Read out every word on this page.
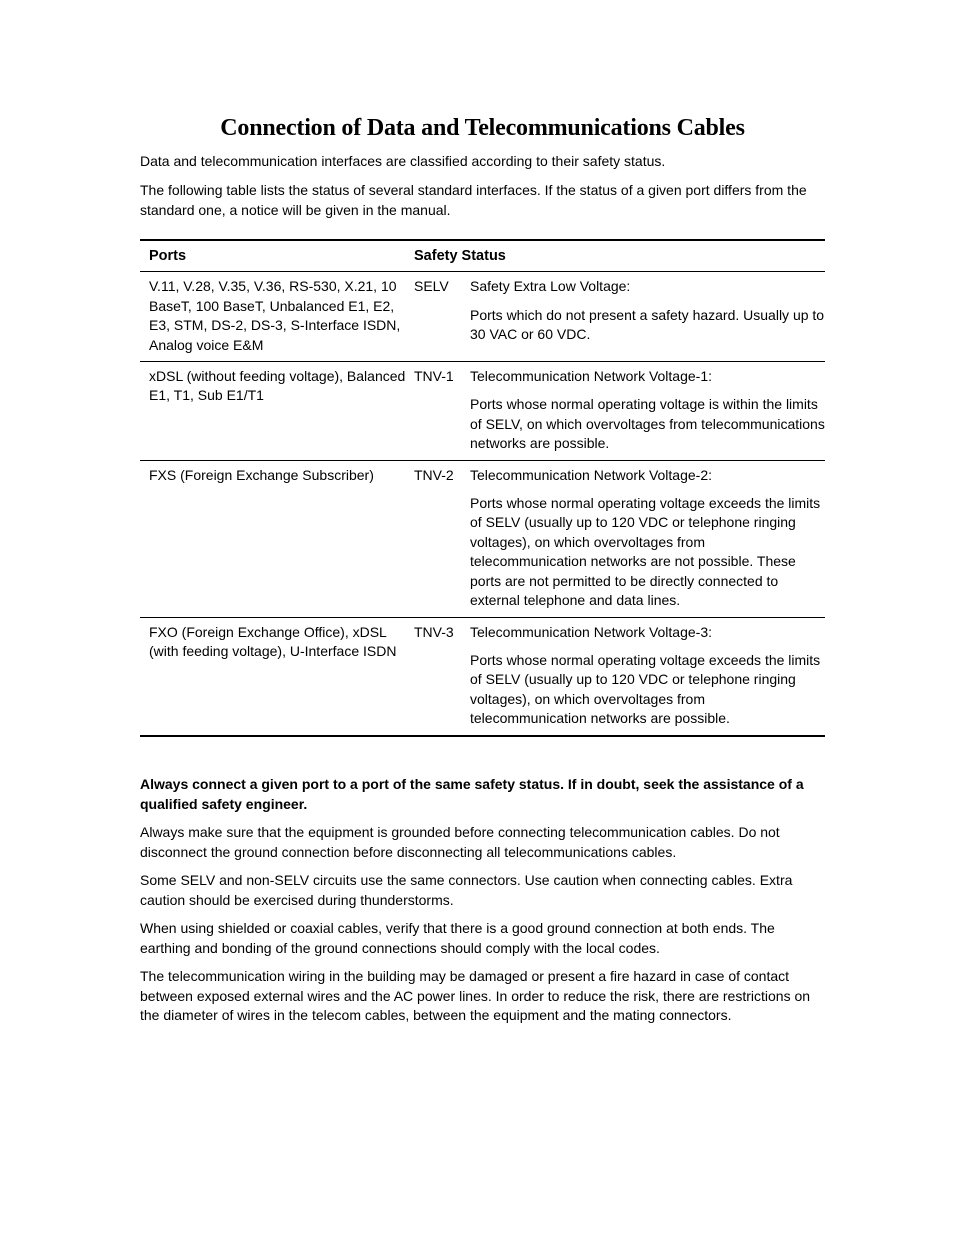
Connection of Data and Telecommunications Cables

Data and telecommunication interfaces are classified according to their safety status.

The following table lists the status of several standard interfaces. If the status of a given port differs from the standard one, a notice will be given in the manual.

Ports	Safety Status	
V.11, V.28, V.35, V.36, RS-530, X.21, 10 BaseT, 100 BaseT, Unbalanced E1, E2, E3, STM, DS-2, DS-3, S-Interface ISDN, Analog voice E&M	SELV	Safety Extra Low Voltage:
Ports which do not present a safety hazard. Usually up to 30 VAC or 60 VDC.

xDSL (without feeding voltage), Balanced E1, T1, Sub E1/T1	TNV-1	Telecommunication Network Voltage-1:
Ports whose normal operating voltage is within the limits of SELV, on which overvoltages from telecommunications networks are possible.

FXS (Foreign Exchange Subscriber)	TNV-2	Telecommunication Network Voltage-2:
Ports whose normal operating voltage exceeds the limits of SELV (usually up to 120 VDC or telephone ringing voltages), on which overvoltages from telecommunication networks are not possible. These ports are not permitted to be directly connected to external telephone and data lines.

FXO (Foreign Exchange Office), xDSL (with feeding voltage), U-Interface ISDN	TNV-3	Telecommunication Network Voltage-3:
Ports whose normal operating voltage exceeds the limits of SELV (usually up to 120 VDC or telephone ringing voltages), on which overvoltages from telecommunication networks are possible.

Always connect a given port to a port of the same safety status. If in doubt, seek the assistance of a qualified safety engineer.

Always make sure that the equipment is grounded before connecting telecommunication cables. Do not disconnect the ground connection before disconnecting all telecommunications cables.

Some SELV and non-SELV circuits use the same connectors. Use caution when connecting cables. Extra caution should be exercised during thunderstorms.

When using shielded or coaxial cables, verify that there is a good ground connection at both ends. The earthing and bonding of the ground connections should comply with the local codes.

The telecommunication wiring in the building may be damaged or present a fire hazard in case of contact between exposed external wires and the AC power lines. In order to reduce the risk, there are restrictions on the diameter of wires in the telecom cables, between the equipment and the mating connectors.
